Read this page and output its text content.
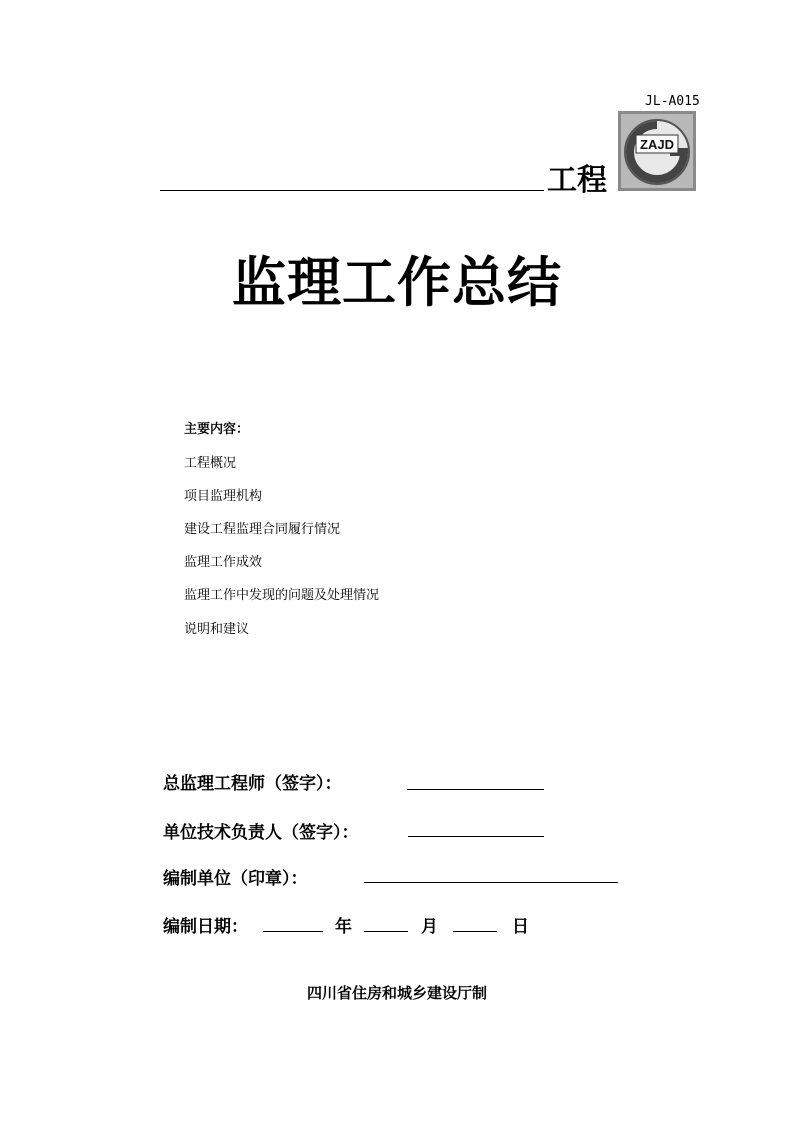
JL-A015
ZAJD
工程
监理工作总结
主要内容：
工程概况
项目监理机构
建设工程监理合同履行情况
监理工作成效
监理工作中发现的问题及处理情况
说明和建议
总监理工程师（签字）：
单位技术负责人（签字）：
编制单位（印章）：
编制日期：	年	月	日
四川省住房和城乡建设厅制
